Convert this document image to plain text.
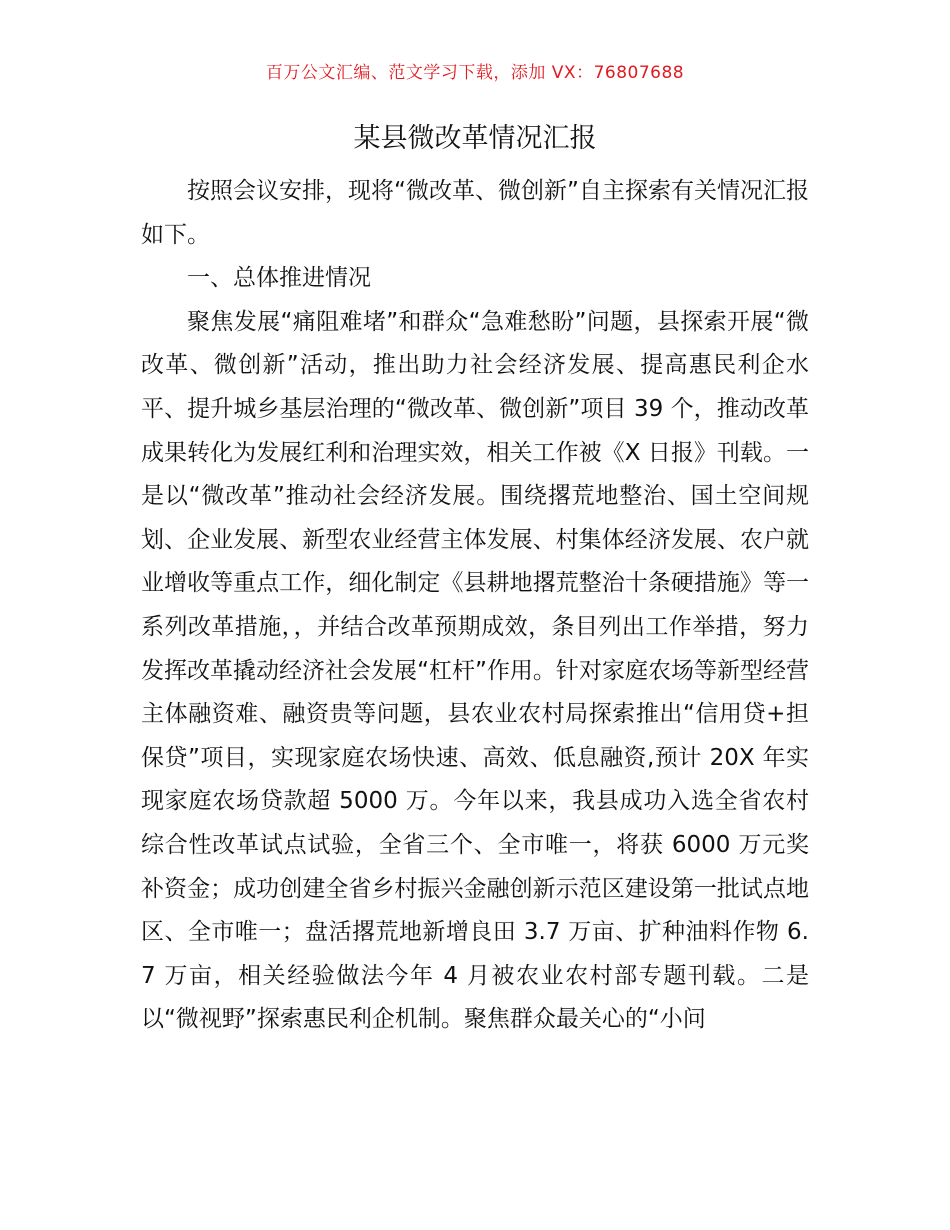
百万公文汇编、范文学习下载，添加 VX：76807688
某县微改革情况汇报

按照会议安排，现将“微改革、微创新”自主探索有关情况汇报如下。

一、总体推进情况

聚焦发展“痛阻难堵”和群众“急难愁盼”问题，县探索开展“微改革、微创新”活动，推出助力社会经济发展、提高惠民利企水平、提升城乡基层治理的“微改革、微创新”项目 39 个，推动改革成果转化为发展红利和治理实效，相关工作被《X 日报》刊载。一是以“微改革”推动社会经济发展。围绕撂荒地整治、国土空间规划、企业发展、新型农业经营主体发展、村集体经济发展、农户就业增收等重点工作，细化制定《县耕地撂荒整治十条硬措施》等一系列改革措施，，并结合改革预期成效，条目列出工作举措，努力发挥改革撬动经济社会发展“杠杆”作用。针对家庭农场等新型经营主体融资难、融资贵等问题，县农业农村局探索推出“信用贷+担保贷”项目，实现家庭农场快速、高效、低息融资,预计 20X 年实现家庭农场贷款超 5000 万。今年以来，我县成功入选全省农村综合性改革试点试验，全省三个、全市唯一，将获 6000 万元奖补资金；成功创建全省乡村振兴金融创新示范区建设第一批试点地区、全市唯一；盘活撂荒地新增良田 3.7 万亩、扩种油料作物 6.7 万亩，相关经验做法今年 4 月被农业农村部专题刊载。二是以“微视野”探索惠民利企机制。聚焦群众最关心的“小问
